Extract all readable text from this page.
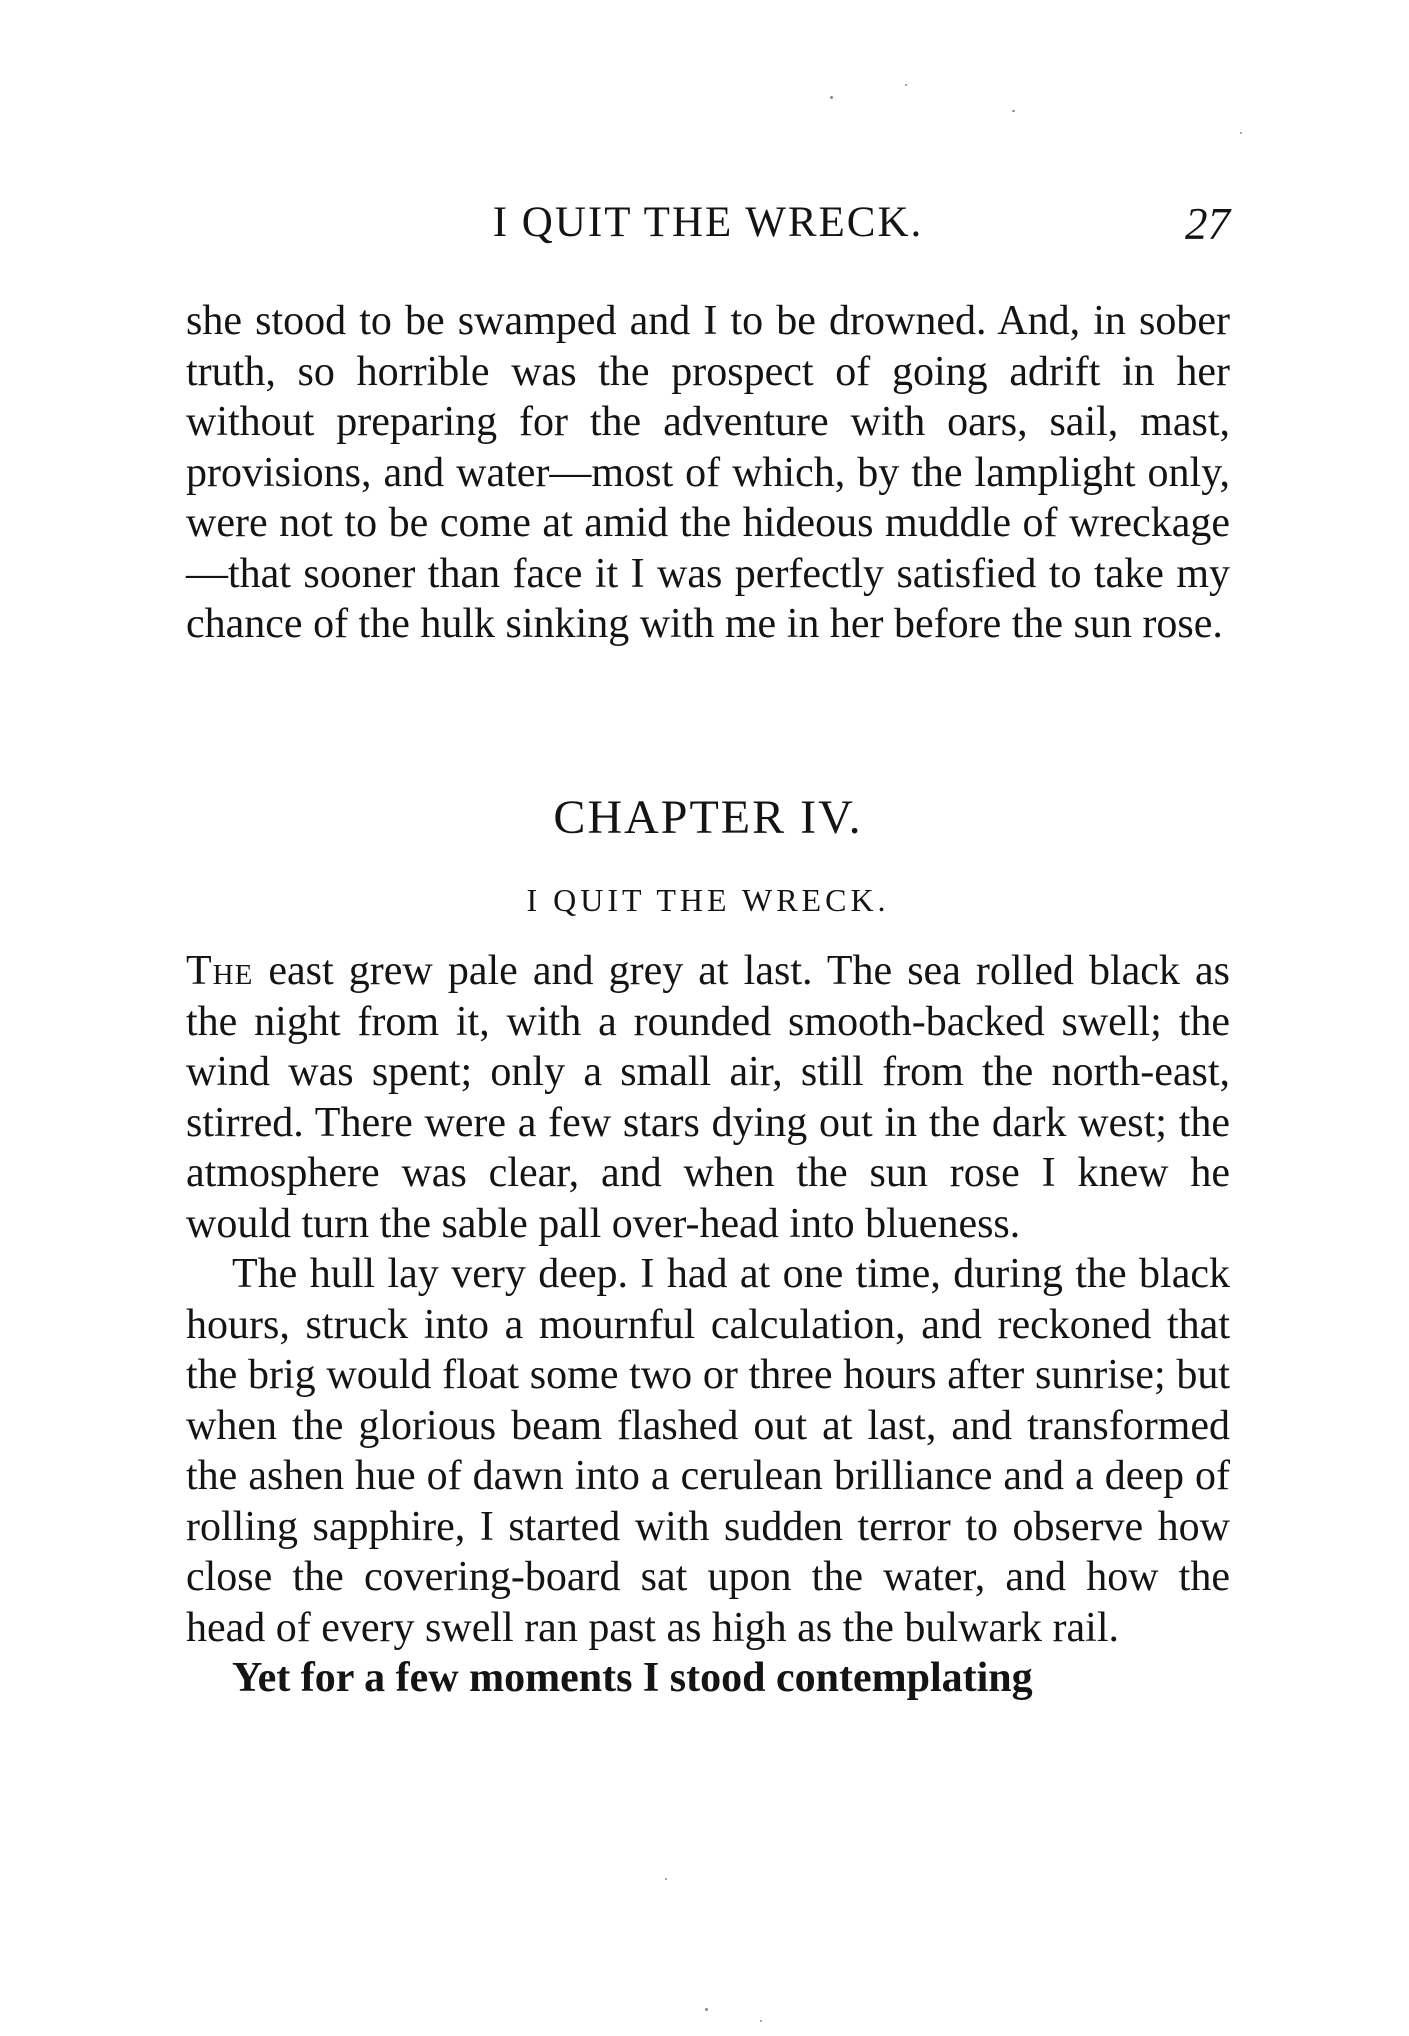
I QUIT THE WRECK.	27

she stood to be swamped and I to be drowned. And, in sober truth, so horrible was the prospect of going adrift in her without preparing for the adventure with oars, sail, mast, provisions, and water—most of which, by the lamplight only, were not to be come at amid the hideous muddle of wreckage—that sooner than face it I was perfectly satisfied to take my chance of the hulk sinking with me in her before the sun rose.

CHAPTER IV.
I QUIT THE WRECK.

The east grew pale and grey at last. The sea rolled black as the night from it, with a rounded smooth-backed swell; the wind was spent; only a small air, still from the north-east, stirred. There were a few stars dying out in the dark west; the atmosphere was clear, and when the sun rose I knew he would turn the sable pall over-head into blueness.

The hull lay very deep. I had at one time, during the black hours, struck into a mournful calculation, and reckoned that the brig would float some two or three hours after sunrise; but when the glorious beam flashed out at last, and transformed the ashen hue of dawn into a cerulean brilliance and a deep of rolling sapphire, I started with sudden terror to observe how close the covering-board sat upon the water, and how the head of every swell ran past as high as the bulwark rail.

Yet for a few moments I stood contemplating
